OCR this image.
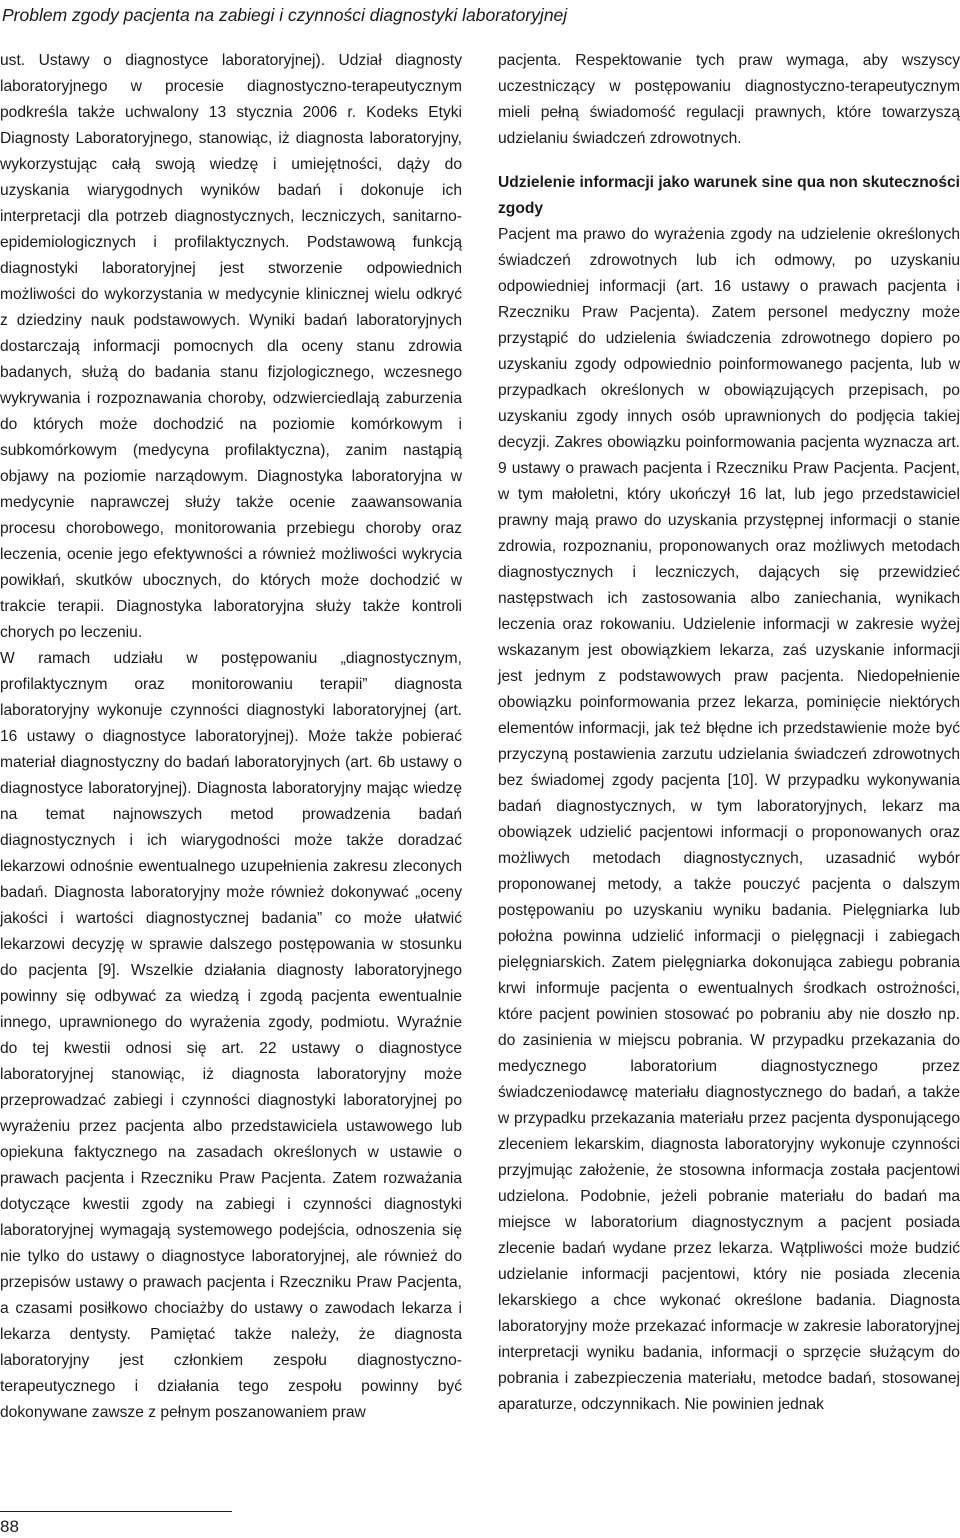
Problem zgody pacjenta na zabiegi i czynności diagnostyki laboratoryjnej

ust. Ustawy o diagnostyce laboratoryjnej). Udział diagnosty laboratoryjnego w procesie diagnostyczno-terapeutycznym podkreśla także uchwalony 13 stycznia 2006 r. Kodeks Etyki Diagnosty Laboratoryjnego, stanowiąc, iż diagnosta laboratoryjny, wykorzystując całą swoją wiedzę i umiejętności, dąży do uzyskania wiarygodnych wyników badań i dokonuje ich interpretacji dla potrzeb diagnostycznych, leczniczych, sanitarno-epidemiologicznych i profilaktycznych. Podstawową funkcją diagnostyki laboratoryjnej jest stworzenie odpowiednich możliwości do wykorzystania w medycynie klinicznej wielu odkryć z dziedziny nauk podstawowych. Wyniki badań laboratoryjnych dostarczają informacji pomocnych dla oceny stanu zdrowia badanych, służą do badania stanu fizjologicznego, wczesnego wykrywania i rozpoznawania choroby, odzwierciedlają zaburzenia do których może dochodzić na poziomie komórkowym i subkomórkowym (medycyna profilaktyczna), zanim nastąpią objawy na poziomie narządowym. Diagnostyka laboratoryjna w medycynie naprawczej służy także ocenie zaawansowania procesu chorobowego, monitorowania przebiegu choroby oraz leczenia, ocenie jego efektywności a również możliwości wykrycia powikłań, skutków ubocznych, do których może dochodzić w trakcie terapii. Diagnostyka laboratoryjna służy także kontroli chorych po leczeniu.

W ramach udziału w postępowaniu „diagnostycznym, profilaktycznym oraz monitorowaniu terapii” diagnosta laboratoryjny wykonuje czynności diagnostyki laboratoryjnej (art. 16 ustawy o diagnostyce laboratoryjnej). Może także pobierać materiał diagnostyczny do badań laboratoryjnych (art. 6b ustawy o diagnostyce laboratoryjnej). Diagnosta laboratoryjny mając wiedzę na temat najnowszych metod prowadzenia badań diagnostycznych i ich wiarygodności może także doradzać lekarzowi odnośnie ewentualnego uzupełnienia zakresu zleconych badań. Diagnosta laboratoryjny może również dokonywać „oceny jakości i wartości diagnostycznej badania” co może ułatwić lekarzowi decyzję w sprawie dalszego postępowania w stosunku do pacjenta [9]. Wszelkie działania diagnosty laboratoryjnego powinny się odbywać za wiedzą i zgodą pacjenta ewentualnie innego, uprawnionego do wyrażenia zgody, podmiotu. Wyraźnie do tej kwestii odnosi się art. 22 ustawy o diagnostyce laboratoryjnej stanowiąc, iż diagnosta laboratoryjny może przeprowadzać zabiegi i czynności diagnostyki laboratoryjnej po wyrażeniu przez pacjenta albo przedstawiciela ustawowego lub opiekuna faktycznego na zasadach określonych w ustawie o prawach pacjenta i Rzeczniku Praw Pacjenta. Zatem rozważania dotyczące kwestii zgody na zabiegi i czynności diagnostyki laboratoryjnej wymagają systemowego podejścia, odnoszenia się nie tylko do ustawy o diagnostyce laboratoryjnej, ale również do przepisów ustawy o prawach pacjenta i Rzeczniku Praw Pacjenta, a czasami posiłkowo chociażby do ustawy o zawodach lekarza i lekarza dentysty. Pamiętać także należy, że diagnosta laboratoryjny jest członkiem zespołu diagnostyczno-terapeutycznego i działania tego zespołu powinny być dokonywane zawsze z pełnym poszanowaniem praw

pacjenta. Respektowanie tych praw wymaga, aby wszyscy uczestniczący w postępowaniu diagnostyczno-terapeutycznym mieli pełną świadomość regulacji prawnych, które towarzyszą udzielaniu świadczeń zdrowotnych.

Udzielenie informacji jako warunek sine qua non skuteczności zgody

Pacjent ma prawo do wyrażenia zgody na udzielenie określonych świadczeń zdrowotnych lub ich odmowy, po uzyskaniu odpowiedniej informacji (art. 16 ustawy o prawach pacjenta i Rzeczniku Praw Pacjenta). Zatem personel medyczny może przystąpić do udzielenia świadczenia zdrowotnego dopiero po uzyskaniu zgody odpowiednio poinformowanego pacjenta, lub w przypadkach określonych w obowiązujących przepisach, po uzyskaniu zgody innych osób uprawnionych do podjęcia takiej decyzji. Zakres obowiązku poinformowania pacjenta wyznacza art. 9 ustawy o prawach pacjenta i Rzeczniku Praw Pacjenta. Pacjent, w tym małoletni, który ukończył 16 lat, lub jego przedstawiciel prawny mają prawo do uzyskania przystępnej informacji o stanie zdrowia, rozpoznaniu, proponowanych oraz możliwych metodach diagnostycznych i leczniczych, dających się przewidzieć następstwach ich zastosowania albo zaniechania, wynikach leczenia oraz rokowaniu. Udzielenie informacji w zakresie wyżej wskazanym jest obowiązkiem lekarza, zaś uzyskanie informacji jest jednym z podstawowych praw pacjenta. Niedopełnienie obowiązku poinformowania przez lekarza, pominięcie niektórych elementów informacji, jak też błędne ich przedstawienie może być przyczyną postawienia zarzutu udzielania świadczeń zdrowotnych bez świadomej zgody pacjenta [10]. W przypadku wykonywania badań diagnostycznych, w tym laboratoryjnych, lekarz ma obowiązek udzielić pacjentowi informacji o proponowanych oraz możliwych metodach diagnostycznych, uzasadnić wybór proponowanej metody, a także pouczyć pacjenta o dalszym postępowaniu po uzyskaniu wyniku badania. Pielęgniarka lub położna powinna udzielić informacji o pielęgnacji i zabiegach pielęgniarskich. Zatem pielęgniarka dokonująca zabiegu pobrania krwi informuje pacjenta o ewentualnych środkach ostrożności, które pacjent powinien stosować po pobraniu aby nie doszło np. do zasinienia w miejscu pobrania. W przypadku przekazania do medycznego laboratorium diagnostycznego przez świadczeniodawcę materiału diagnostycznego do badań, a także w przypadku przekazania materiału przez pacjenta dysponującego zleceniem lekarskim, diagnosta laboratoryjny wykonuje czynności przyjmując założenie, że stosowna informacja została pacjentowi udzielona. Podobnie, jeżeli pobranie materiału do badań ma miejsce w laboratorium diagnostycznym a pacjent posiada zlecenie badań wydane przez lekarza. Wątpliwości może budzić udzielanie informacji pacjentowi, który nie posiada zlecenia lekarskiego a chce wykonać określone badania. Diagnosta laboratoryjny może przekazać informacje w zakresie laboratoryjnej interpretacji wyniku badania, informacji o sprzęcie służącym do pobrania i zabezpieczenia materiału, metodce badań, stosowanej aparaturze, odczynnikach. Nie powinien jednak

88
